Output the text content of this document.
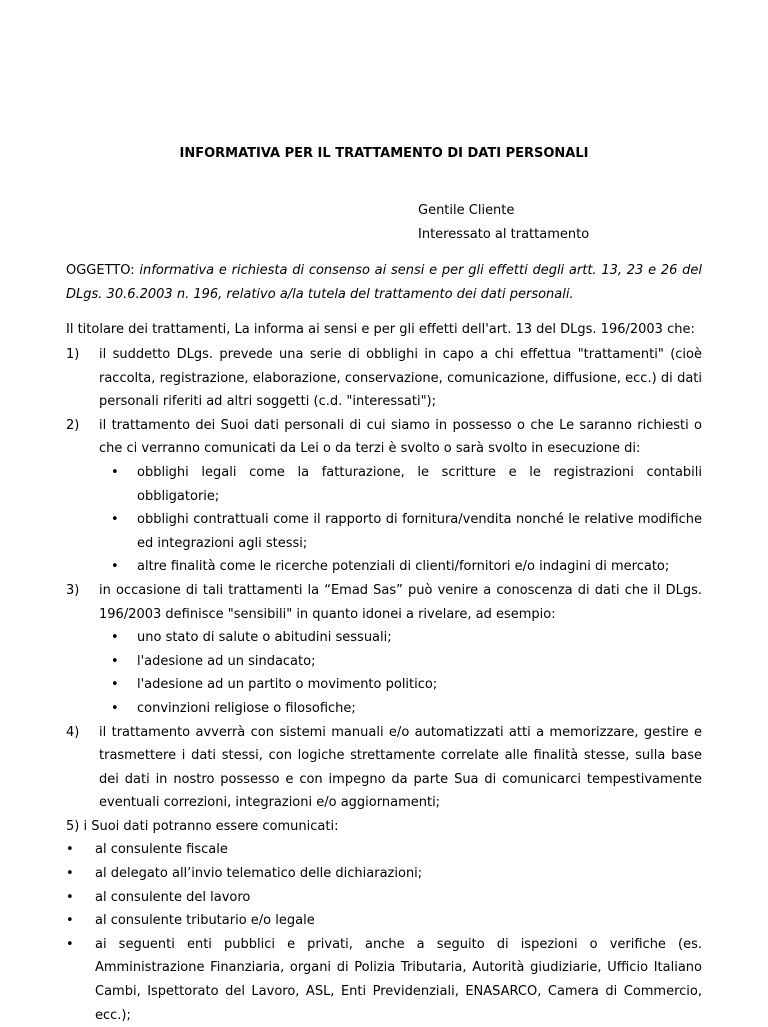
INFORMATIVA PER IL TRATTAMENTO DI DATI PERSONALI
Gentile Cliente
Interessato al trattamento
OGGETTO: informativa e richiesta di consenso ai sensi e per gli effetti degli artt. 13, 23 e 26 del DLgs. 30.6.2003 n. 196, relativo a/la tutela del trattamento dei dati personali.
Il titolare dei trattamenti, La informa ai sensi e per gli effetti dell'art. 13 del DLgs. 196/2003 che:
1) il suddetto DLgs. prevede una serie di obblighi in capo a chi effettua "trattamenti" (cioè raccolta, registrazione, elaborazione, conservazione, comunicazione, diffusione, ecc.) di dati personali riferiti ad altri soggetti (c.d. "interessati");
2) il trattamento dei Suoi dati personali di cui siamo in possesso o che Le saranno richiesti o che ci verranno comunicati da Lei o da terzi è svolto o sarà svolto in esecuzione di:
• obblighi legali come la fatturazione, le scritture e le registrazioni contabili obbligatorie;
• obblighi contrattuali come il rapporto di fornitura/vendita nonché le relative modifiche ed integrazioni agli stessi;
• altre finalità come le ricerche potenziali di clienti/fornitori e/o indagini di mercato;
3) in occasione di tali trattamenti la “Emad Sas” può venire a conoscenza di dati che il DLgs. 196/2003 definisce "sensibili" in quanto idonei a rivelare, ad esempio:
• uno stato di salute o abitudini sessuali;
• l'adesione ad un sindacato;
• l'adesione ad un partito o movimento politico;
• convinzioni religiose o filosofiche;
4) il trattamento avverrà con sistemi manuali e/o automatizzati atti a memorizzare, gestire e trasmettere i dati stessi, con logiche strettamente correlate alle finalità stesse, sulla base dei dati in nostro possesso e con impegno da parte Sua di comunicarci tempestivamente eventuali correzioni, integrazioni e/o aggiornamenti;
5) i Suoi dati potranno essere comunicati:
• al consulente fiscale
• al delegato all’invio telematico delle dichiarazioni;
• al consulente del lavoro
• al consulente tributario e/o legale
• ai seguenti enti pubblici e privati, anche a seguito di ispezioni o verifiche (es. Amministrazione Finanziaria, organi di Polizia Tributaria, Autorità giudiziarie, Ufficio Italiano Cambi, Ispettorato del Lavoro, ASL, Enti Previdenziali, ENASARCO, Camera di Commercio, ecc.);
